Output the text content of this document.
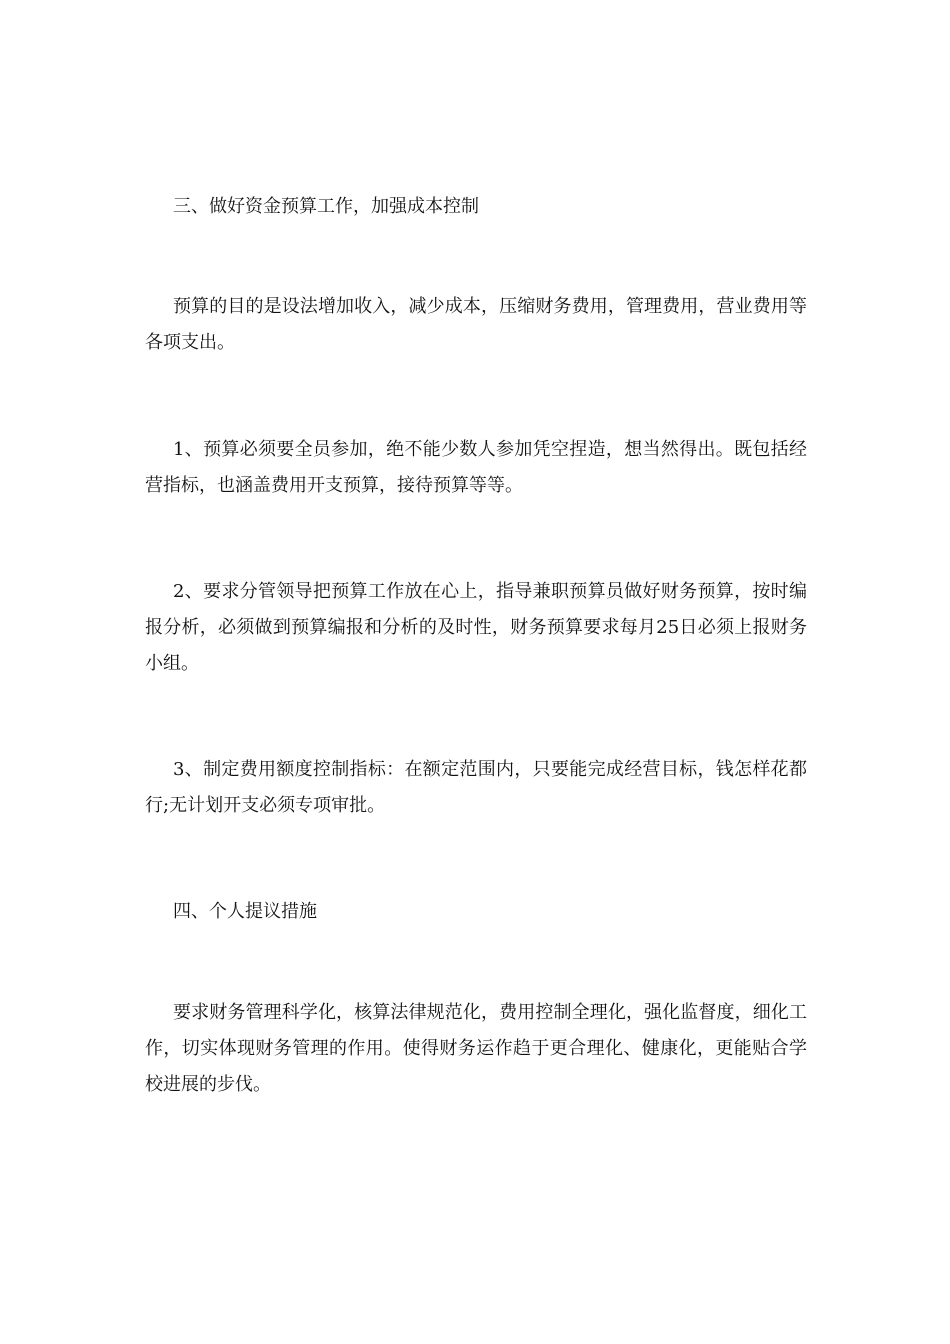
三、做好资金预算工作，加强成本控制

预算的目的是设法增加收入，减少成本，压缩财务费用，管理费用，营业费用等各项支出。

1、预算必须要全员参加，绝不能少数人参加凭空捏造，想当然得出。既包括经营指标，也涵盖费用开支预算，接待预算等等。

2、要求分管领导把预算工作放在心上，指导兼职预算员做好财务预算，按时编报分析，必须做到预算编报和分析的及时性，财务预算要求每月25日必须上报财务小组。

3、制定费用额度控制指标：在额定范围内，只要能完成经营目标，钱怎样花都行;无计划开支必须专项审批。

四、个人提议措施

要求财务管理科学化，核算法律规范化，费用控制全理化，强化监督度，细化工作，切实体现财务管理的作用。使得财务运作趋于更合理化、健康化，更能贴合学校进展的步伐。
